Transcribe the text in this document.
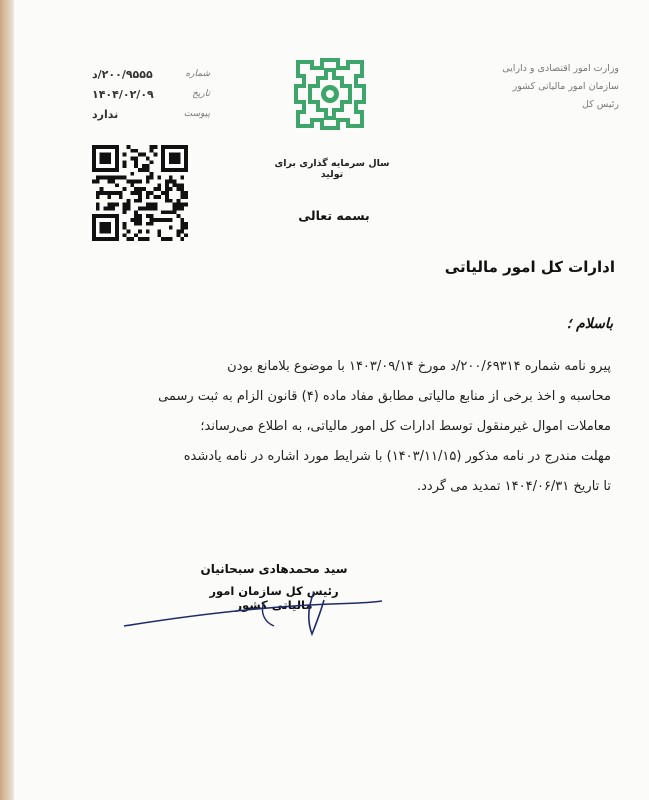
وزارت امور اقتصادی و دارایی
سازمان امور مالیاتی کشور
رئیس کل
سال سرمایه گذاری برای تولید
شماره
۲۰۰/۹۵۵۵/د
تاریخ
۱۴۰۴/۰۲/۰۹
پیوست
ندارد
بسمه تعالی
ادارات کل امور مالیاتی
باسلام ؛

پیرو نامه شماره ۲۰۰/۶۹۳۱۴/د مورخ ۱۴۰۳/۰۹/۱۴ با موضوع بلامانع بودن

محاسبه و اخذ برخی از منابع مالیاتی مطابق مفاد ماده (۴) قانون الزام به ثبت رسمی

معاملات اموال غیرمنقول توسط ادارات کل امور مالیاتی، به اطلاع می‌رساند؛

مهلت مندرج در نامه مذکور (۱۴۰۳/۱۱/۱۵) با شرایط مورد اشاره در نامه یادشده

تا تاریخ ۱۴۰۴/۰۶/۳۱ تمدید می گردد.

سید محمدهادی سبحانیان
رئیس کل سازمان امور مالیاتی کشور
